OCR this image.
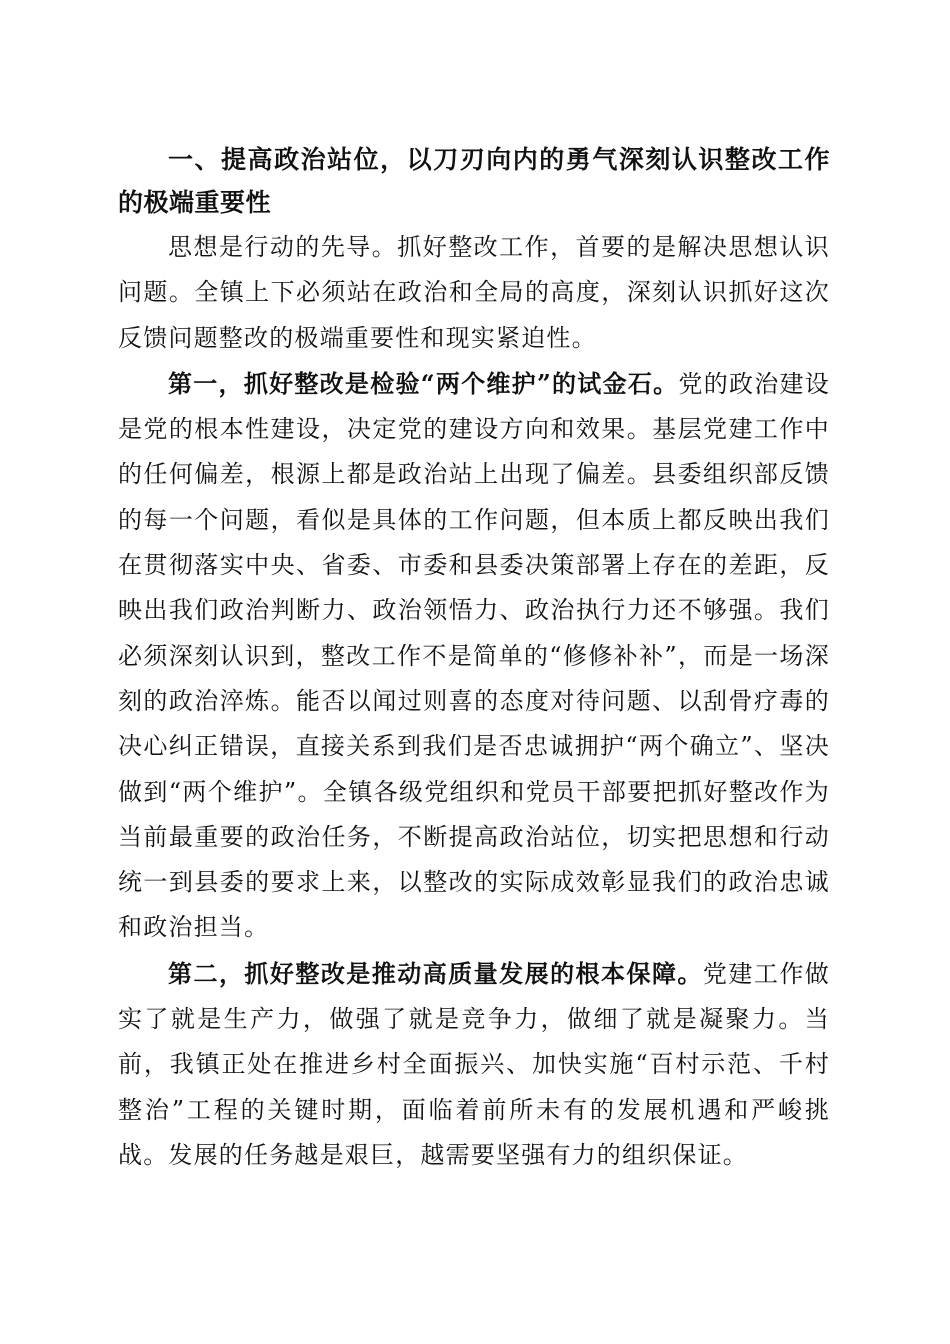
一、提高政治站位，以刀刃向内的勇气深刻认识整改工作的极端重要性

思想是行动的先导。抓好整改工作，首要的是解决思想认识问题。全镇上下必须站在政治和全局的高度，深刻认识抓好这次反馈问题整改的极端重要性和现实紧迫性。

第一，抓好整改是检验“两个维护”的试金石。党的政治建设是党的根本性建设，决定党的建设方向和效果。基层党建工作中的任何偏差，根源上都是政治站上出现了偏差。县委组织部反馈的每一个问题，看似是具体的工作问题，但本质上都反映出我们在贯彻落实中央、省委、市委和县委决策部署上存在的差距，反映出我们政治判断力、政治领悟力、政治执行力还不够强。我们必须深刻认识到，整改工作不是简单的“修修补补”，而是一场深刻的政治淬炼。能否以闻过则喜的态度对待问题、以刮骨疗毒的决心纠正错误，直接关系到我们是否忠诚拥护“两个确立”、坚决做到“两个维护”。全镇各级党组织和党员干部要把抓好整改作为当前最重要的政治任务，不断提高政治站位，切实把思想和行动统一到县委的要求上来，以整改的实际成效彰显我们的政治忠诚和政治担当。

第二，抓好整改是推动高质量发展的根本保障。党建工作做实了就是生产力，做强了就是竞争力，做细了就是凝聚力。当前，我镇正处在推进乡村全面振兴、加快实施“百村示范、千村整治”工程的关键时期，面临着前所未有的发展机遇和严峻挑战。发展的任务越是艰巨，越需要坚强有力的组织保证。
